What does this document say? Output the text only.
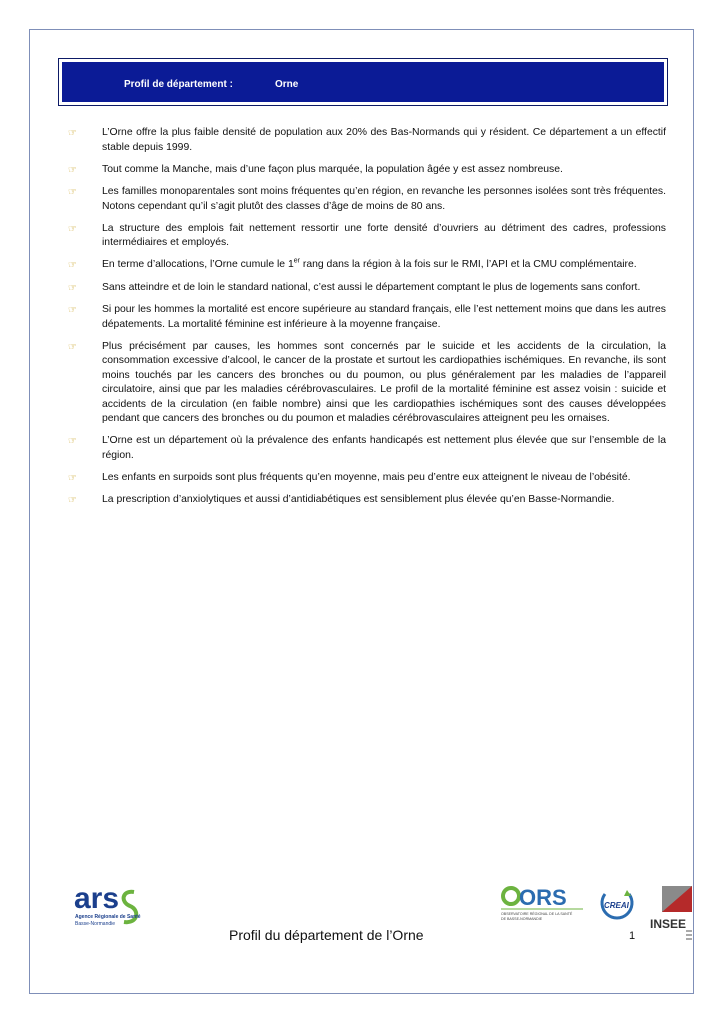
Profil de département :	Orne
☞	L’Orne offre la plus faible densité de population aux 20% des Bas-Normands qui y résident. Ce département a un effectif stable depuis 1999.
☞	Tout comme la Manche, mais d’une façon plus marquée, la population âgée y est assez nombreuse.
☞	Les familles monoparentales sont moins fréquentes qu’en région, en revanche les personnes isolées sont très fréquentes. Notons cependant qu’il s’agit plutôt des classes d’âge de moins de 80 ans.
☞	La structure des emplois fait nettement ressortir une forte densité d’ouvriers au détriment des cadres, professions intermédiaires et employés.
☞	En terme d’allocations, l’Orne cumule le 1er rang dans la région à la fois sur le RMI, l’API et la CMU complémentaire.
☞	Sans atteindre et de loin le standard national, c’est aussi le département comptant le plus de logements sans confort.
☞	Si pour les hommes la mortalité est encore supérieure au standard français, elle l’est nettement moins que dans les autres dépatements. La mortalité féminine est inférieure à la moyenne française.
☞	Plus précisément par causes, les hommes sont concernés par le suicide et les accidents de la circulation, la consommation excessive d’alcool, le cancer de la prostate et surtout les cardiopathies ischémiques. En revanche, ils sont moins touchés par les cancers des bronches ou du poumon, ou plus généralement par les maladies de l’appareil circulatoire, ainsi que par les maladies cérébrovasculaires. Le profil de la mortalité féminine est assez voisin : suicide et accidents de la circulation (en faible nombre) ainsi que les cardiopathies ischémiques sont des causes développées pendant que cancers des bronches ou du poumon et maladies cérébrovasculaires atteignent peu les ornaises.
☞	L’Orne est un département où la prévalence des enfants handicapés est nettement plus élevée que sur l’ensemble de la région.
☞	Les enfants en surpoids sont plus fréquents qu’en moyenne, mais peu d’entre eux atteignent le niveau de l’obésité.
☞	La prescription d’anxiolytiques et aussi d’antidiabétiques est sensiblement plus élevée qu’en Basse-Normandie.
ars
Agence Régionale de Santé
Basse-Normandie
ORS
OBSERVATOIRE RÉGIONAL DE LA SANTÉ
DE BASSE-NORMANDIE
CREAI
INSEE
Profil du département de l’Orne	1
